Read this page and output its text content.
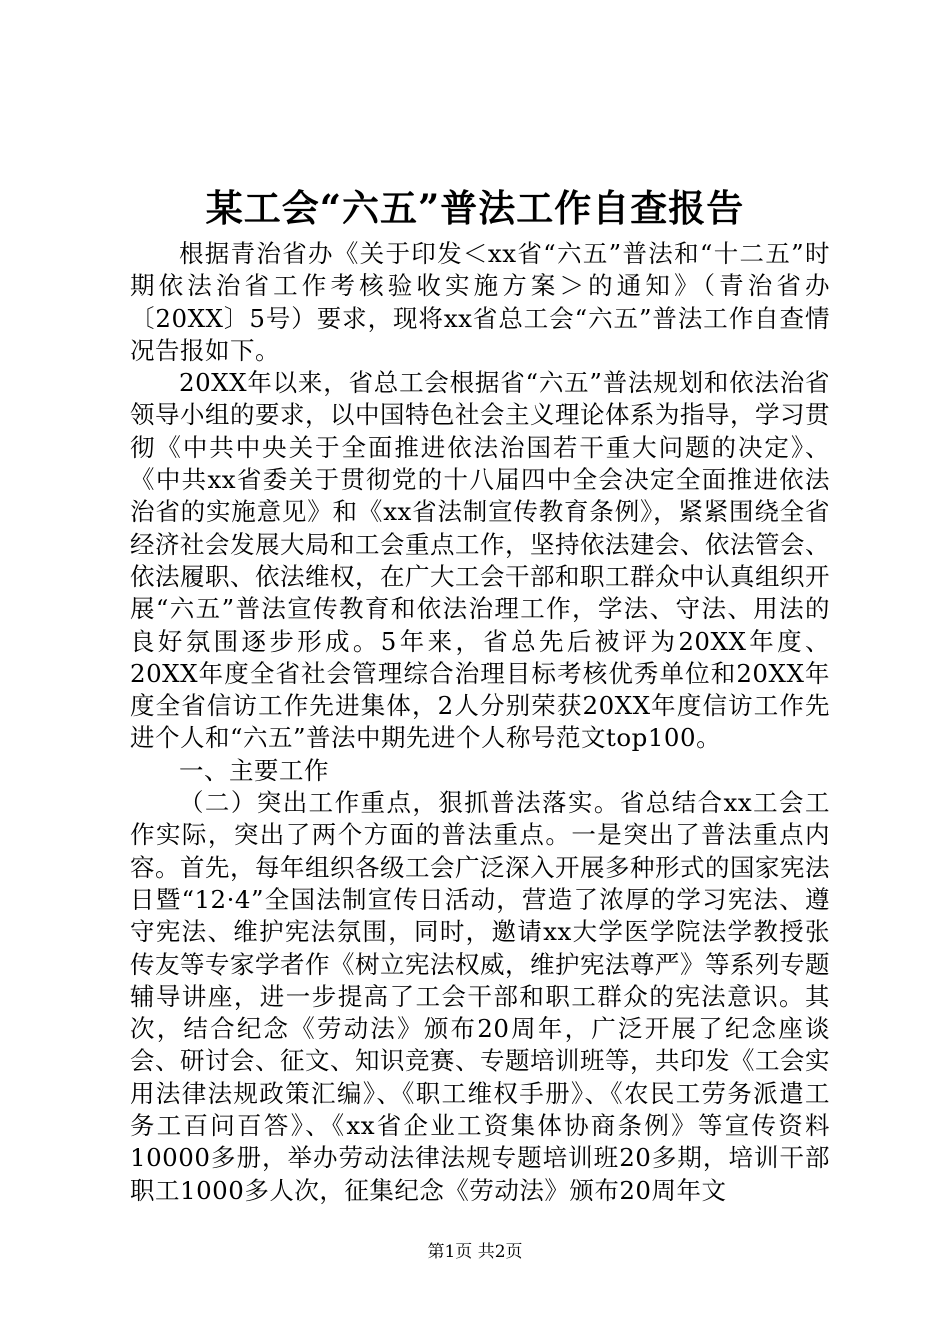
某工会“六五”普法工作自查报告

根据青治省办《关于印发＜xx省“六五”普法和“十二五”时期依法治省工作考核验收实施方案＞的通知》（青治省办〔20XX〕5号）要求，现将xx省总工会“六五”普法工作自查情况告报如下。

20XX年以来，省总工会根据省“六五”普法规划和依法治省领导小组的要求，以中国特色社会主义理论体系为指导，学习贯彻《中共中央关于全面推进依法治国若干重大问题的决定》、《中共xx省委关于贯彻党的十八届四中全会决定全面推进依法治省的实施意见》和《xx省法制宣传教育条例》，紧紧围绕全省经济社会发展大局和工会重点工作，坚持依法建会、依法管会、依法履职、依法维权，在广大工会干部和职工群众中认真组织开展“六五”普法宣传教育和依法治理工作，学法、守法、用法的良好氛围逐步形成。5年来，省总先后被评为20XX年度、20XX年度全省社会管理综合治理目标考核优秀单位和20XX年度全省信访工作先进集体，2人分别荣获20XX年度信访工作先进个人和“六五”普法中期先进个人称号范文top100。

一、主要工作

（二）突出工作重点，狠抓普法落实。省总结合xx工会工作实际，突出了两个方面的普法重点。一是突出了普法重点内容。首先，每年组织各级工会广泛深入开展多种形式的国家宪法日暨“12·4”全国法制宣传日活动，营造了浓厚的学习宪法、遵守宪法、维护宪法氛围，同时，邀请xx大学医学院法学教授张传友等专家学者作《树立宪法权威，维护宪法尊严》等系列专题辅导讲座，进一步提高了工会干部和职工群众的宪法意识。其次，结合纪念《劳动法》颁布20周年，广泛开展了纪念座谈会、研讨会、征文、知识竞赛、专题培训班等，共印发《工会实用法律法规政策汇编》、《职工维权手册》、《农民工劳务派遣工务工百问百答》、《xx省企业工资集体协商条例》等宣传资料10000多册，举办劳动法律法规专题培训班20多期，培训干部职工1000多人次，征集纪念《劳动法》颁布20周年文

第1页 共2页
